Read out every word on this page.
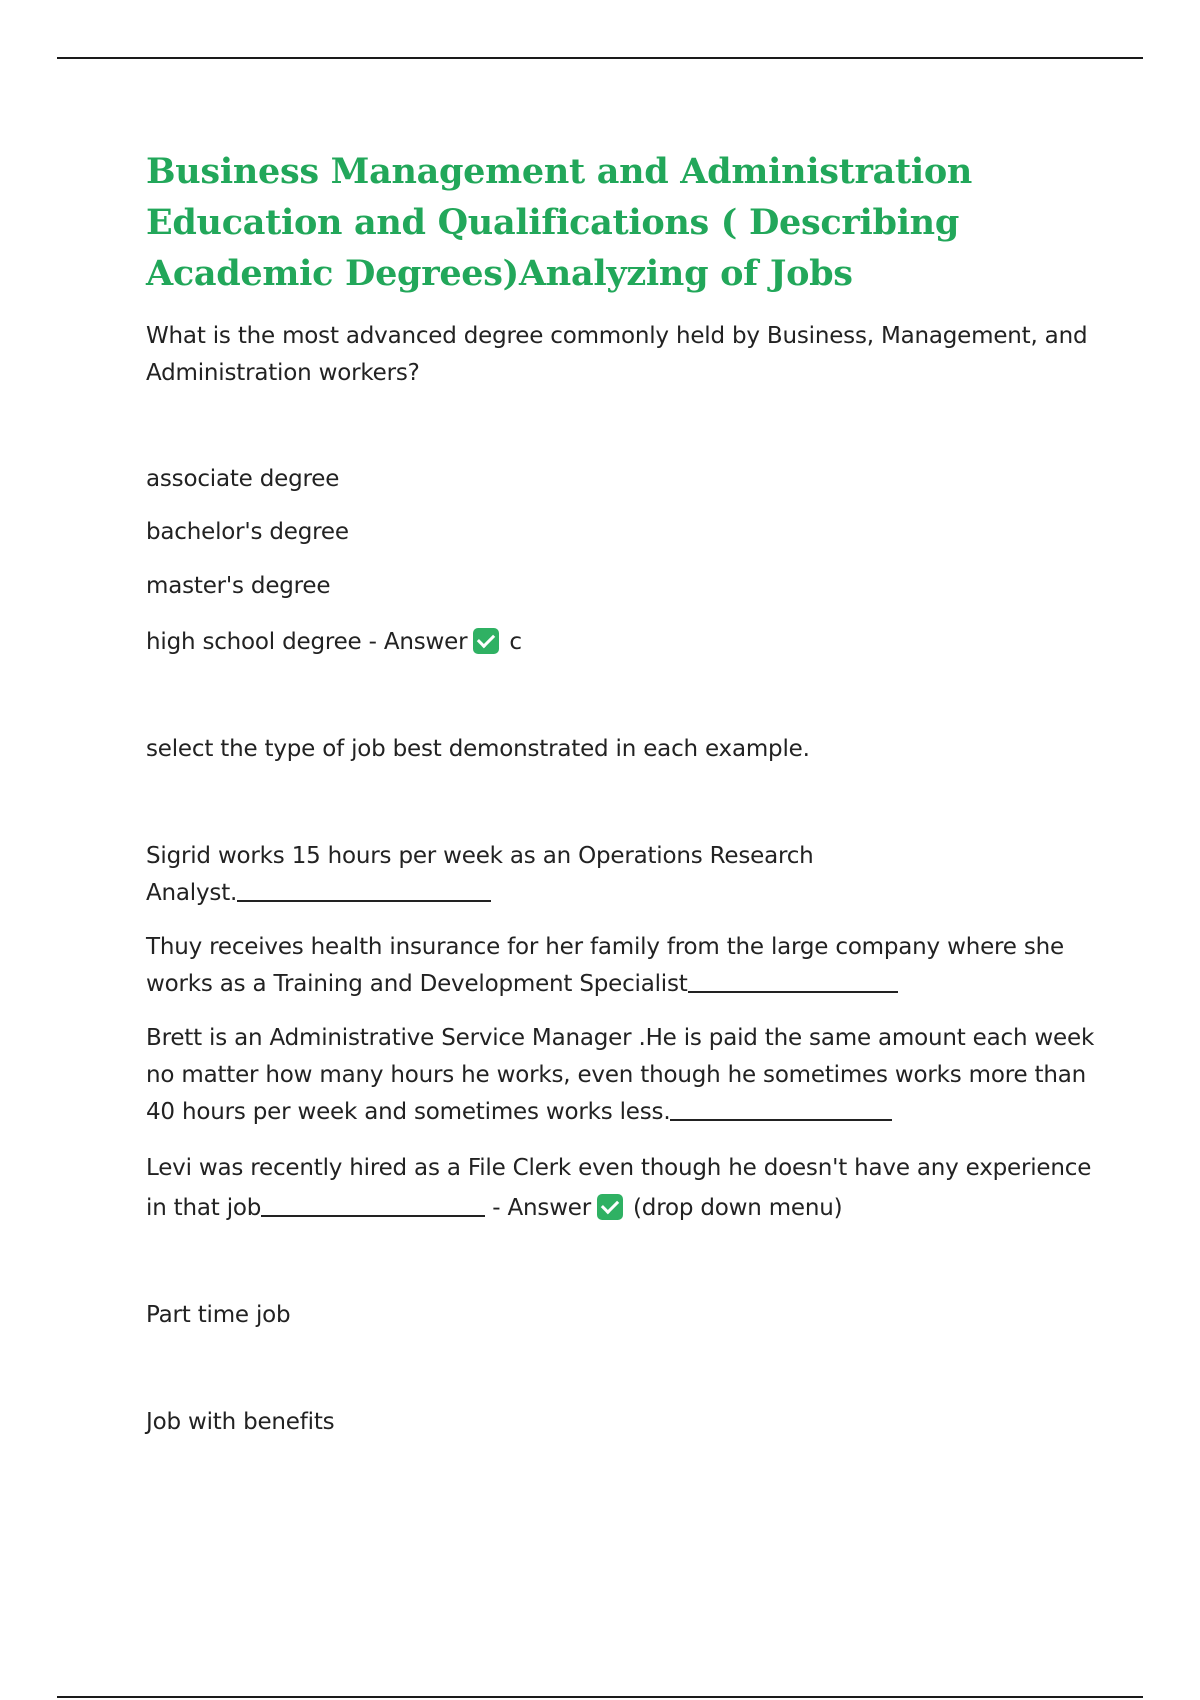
Business Management and Administration Education and Qualifications ( Describing Academic Degrees)Analyzing of Jobs

What is the most advanced degree commonly held by Business, Management, and Administration workers?

associate degree

bachelor's degree

master's degree

high school degree - Answer c

select the type of job best demonstrated in each example.

Sigrid works 15 hours per week as an Operations Research Analyst.

Thuy receives health insurance for her family from the large company where she works as a Training and Development Specialist

Brett is an Administrative Service Manager .He is paid the same amount each week no matter how many hours he works, even though he sometimes works more than 40 hours per week and sometimes works less.

Levi was recently hired as a File Clerk even though he doesn't have any experience in that job	- Answer (drop down menu)

Part time job

Job with benefits
